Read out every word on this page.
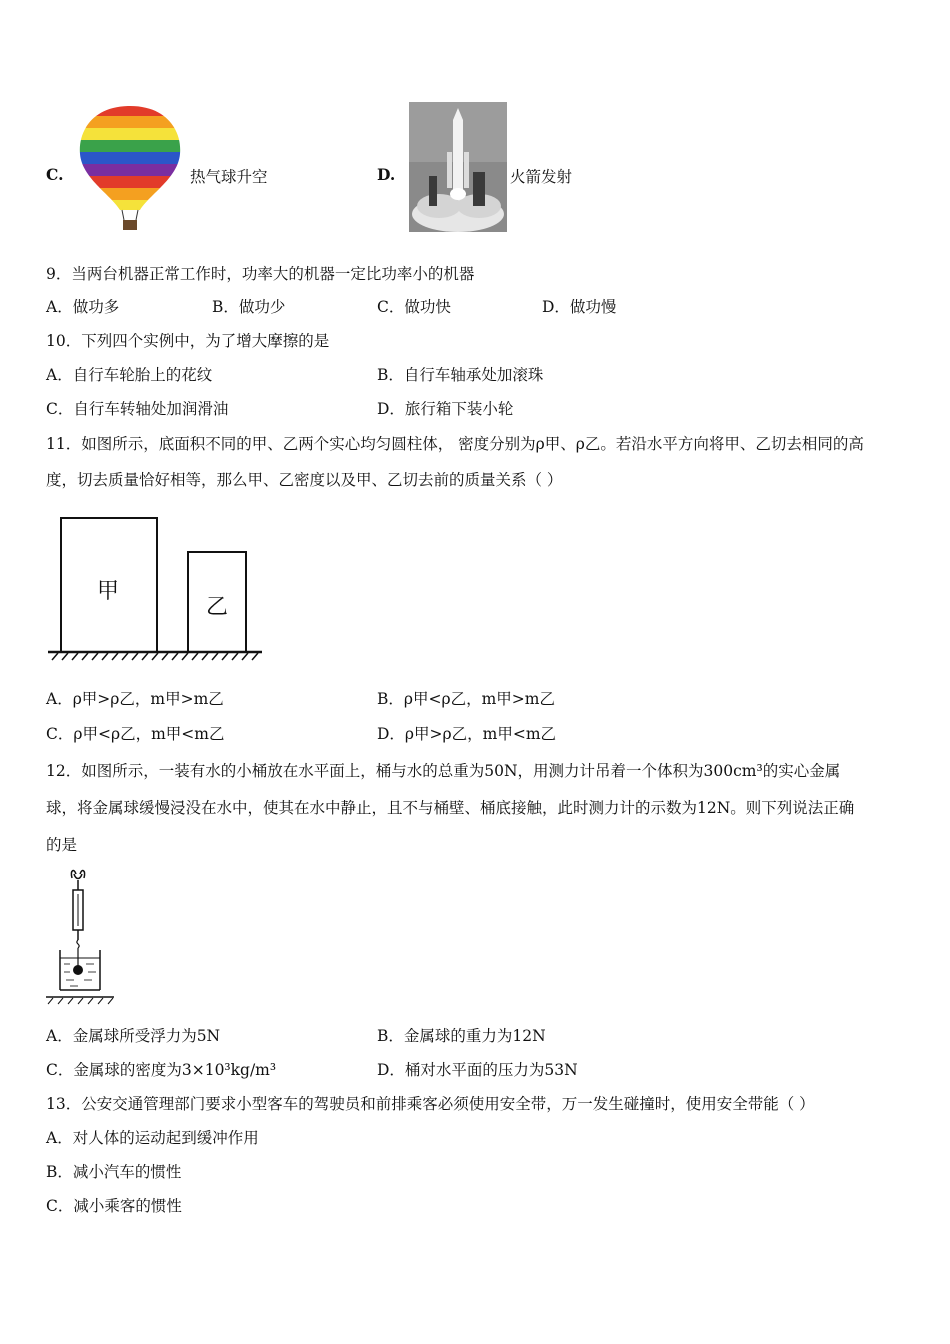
C.	热气球升空	D.	火箭发射
9．当两台机器正常工作时，功率大的机器一定比功率小的机器
A．做功多	B．做功少	C．做功快	D．做功慢
10．下列四个实例中，为了增大摩擦的是
A．自行车轮胎上的花纹	B．自行车轴承处加滚珠
C．自行车转轴处加润滑油	D．旅行箱下装小轮
11．如图所示，底面积不同的甲、乙两个实心均匀圆柱体， 密度分别为ρ甲、ρ乙。若沿水平方向将甲、乙切去相同的高
度，切去质量恰好相等，那么甲、乙密度以及甲、乙切去前的质量关系（ ）
甲
乙
A．ρ甲>ρ乙，m甲>m乙	B．ρ甲<ρ乙，m甲>m乙
C．ρ甲<ρ乙，m甲<m乙	D．ρ甲>ρ乙，m甲<m乙
12．如图所示，一装有水的小桶放在水平面上，桶与水的总重为50N，用测力计吊着一个体积为300cm³的实心金属
球，将金属球缓慢浸没在水中，使其在水中静止，且不与桶壁、桶底接触，此时测力计的示数为12N。则下列说法正确
的是
A．金属球所受浮力为5N	B．金属球的重力为12N
C．金属球的密度为3×10³kg/m³	D．桶对水平面的压力为53N
13．公安交通管理部门要求小型客车的驾驶员和前排乘客必须使用安全带，万一发生碰撞时，使用安全带能（ ）
A．对人体的运动起到缓冲作用
B．减小汽车的惯性
C．减小乘客的惯性
